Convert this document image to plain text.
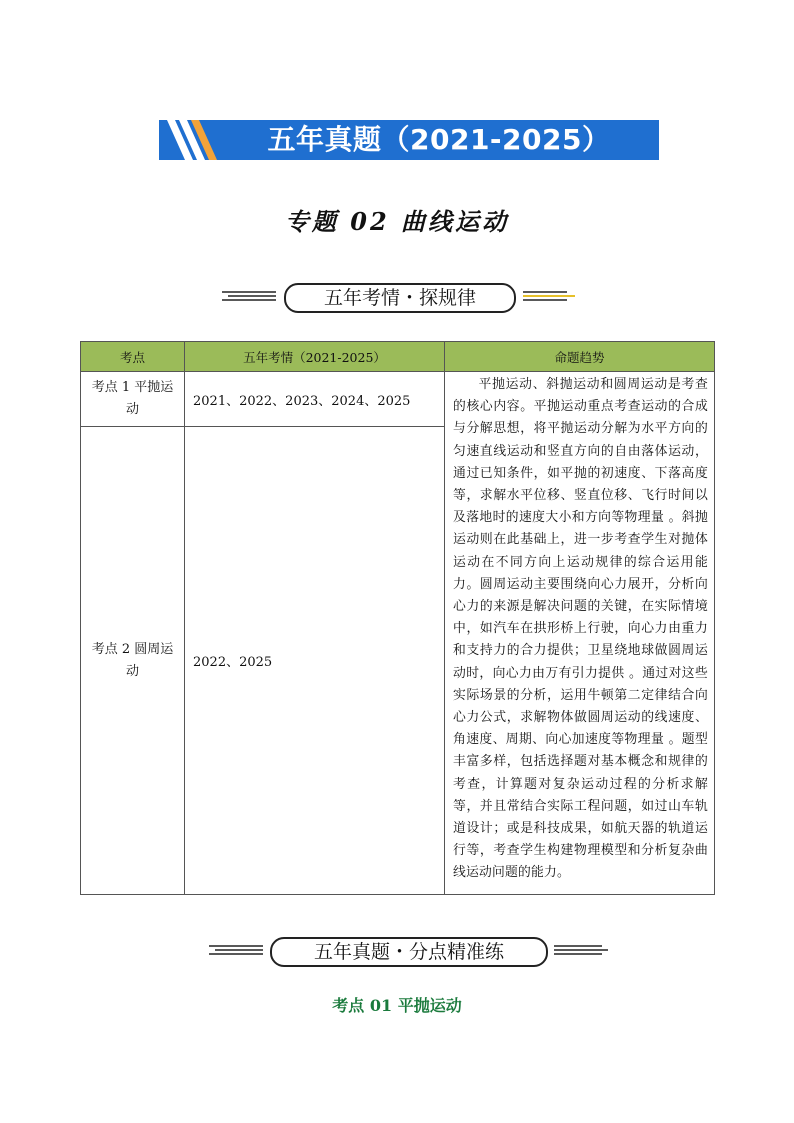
五年真题（2021-2025）
专题 02 曲线运动
五年考情・探规律
考点	五年考情（2021-2025）	命题趋势
考点 1 平抛运动	2021、2022、2023、2024、2025	平抛运动、斜抛运动和圆周运动是考查的核心内容。平抛运动重点考查运动的合成与分解思想，将平抛运动分解为水平方向的匀速直线运动和竖直方向的自由落体运动，通过已知条件，如平抛的初速度、下落高度等，求解水平位移、竖直位移、飞行时间以及落地时的速度大小和方向等物理量 。斜抛运动则在此基础上，进一步考查学生对抛体运动在不同方向上运动规律的综合运用能力。圆周运动主要围绕向心力展开，分析向心力的来源是解决问题的关键，在实际情境中，如汽车在拱形桥上行驶，向心力由重力和支持力的合力提供；卫星绕地球做圆周运动时，向心力由万有引力提供 。通过对这些实际场景的分析，运用牛顿第二定律结合向心力公式，求解物体做圆周运动的线速度、角速度、周期、向心加速度等物理量 。题型丰富多样，包括选择题对基本概念和规律的考查，计算题对复杂运动过程的分析求解等，并且常结合实际工程问题，如过山车轨道设计；或是科技成果，如航天器的轨道运行等，考查学生构建物理模型和分析复杂曲线运动问题的能力。
考点 2 圆周运动	2022、2025	
五年真题・分点精准练
考点 01 平抛运动
